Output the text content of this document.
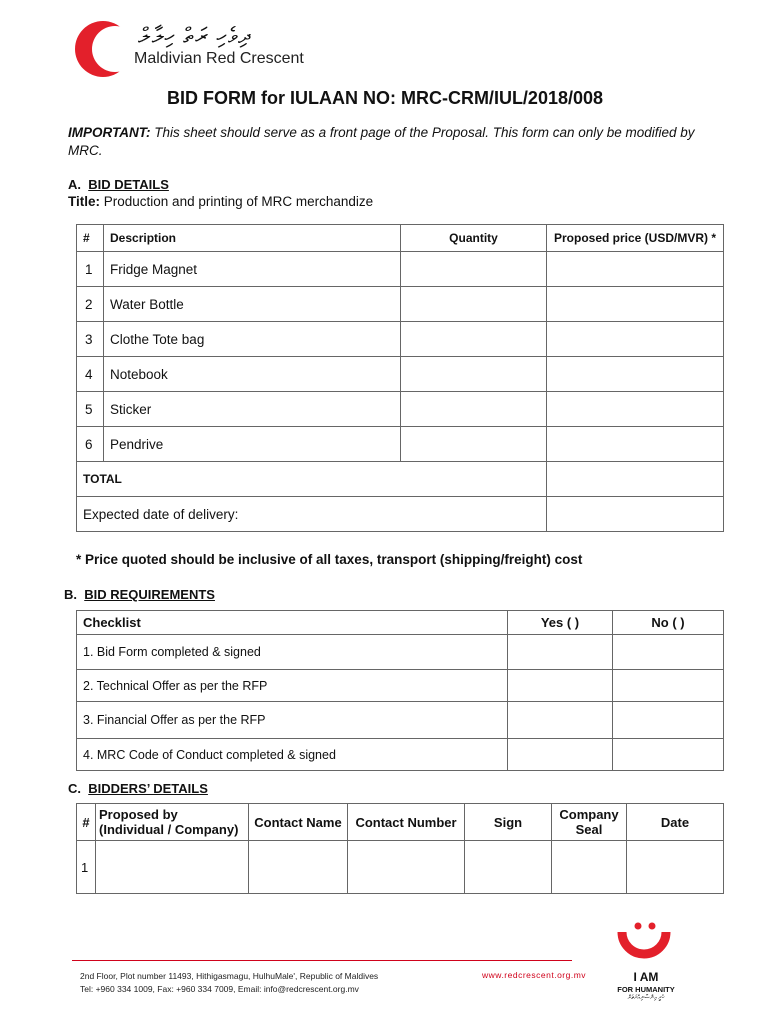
ދިވެހި ރަތް ހިލާލް
Maldivian Red Crescent
BID FORM for IULAAN NO: MRC-CRM/IUL/2018/008
IMPORTANT: This sheet should serve as a front page of the Proposal. This form can only be modified by MRC.
A. BID DETAILS
Title: Production and printing of MRC merchandize
#	Description	Quantity	Proposed price (USD/MVR) *
1	Fridge Magnet		
2	Water Bottle		
3	Clothe Tote bag		
4	Notebook		
5	Sticker		
6	Pendrive		
TOTAL			
Expected date of delivery:			
* Price quoted should be inclusive of all taxes, transport (shipping/freight) cost
B. BID REQUIREMENTS
Checklist	Yes ( )	No ( )
1. Bid Form completed & signed		
2. Technical Offer as per the RFP		
3. Financial Offer as per the RFP		
4. MRC Code of Conduct completed & signed		
C. BIDDERS’ DETAILS
#	Proposed by (Individual / Company)	Contact Name	Contact Number	Sign	Company Seal	Date
1						
2nd Floor, Plot number 11493, Hithigasmagu, HulhuMale', Republic of Maldives
Tel: +960 334 1009, Fax: +960 334 7009, Email: info@redcrescent.org.mv
www.redcrescent.org.mv	I AM
FOR HUMANITY
ހުރީ އިންސާނިއްޔަތަށް
